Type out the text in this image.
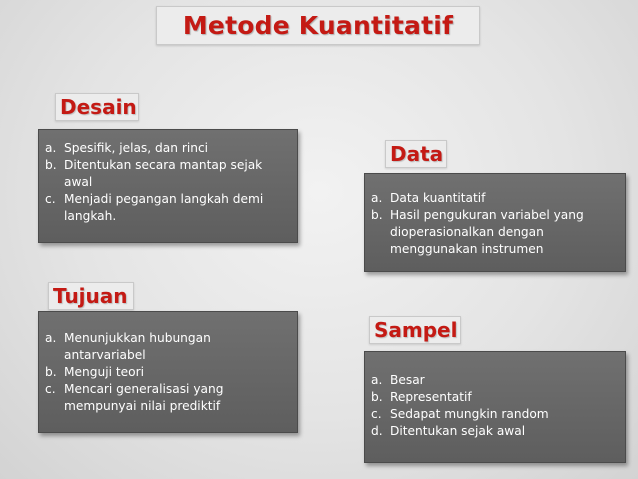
Metode Kuantitatif
Desain
a. Spesifik, jelas, dan rinci
b. Ditentukan secara mantap sejak awal
c. Menjadi pegangan langkah demi langkah.
Data
a. Data kuantitatif
b. Hasil pengukuran variabel yang dioperasionalkan dengan menggunakan instrumen
Tujuan
a. Menunjukkan hubungan antarvariabel
b. Menguji teori
c. Mencari generalisasi yang mempunyai nilai prediktif
Sampel
a. Besar
b. Representatif
c. Sedapat mungkin random
d. Ditentukan sejak awal
